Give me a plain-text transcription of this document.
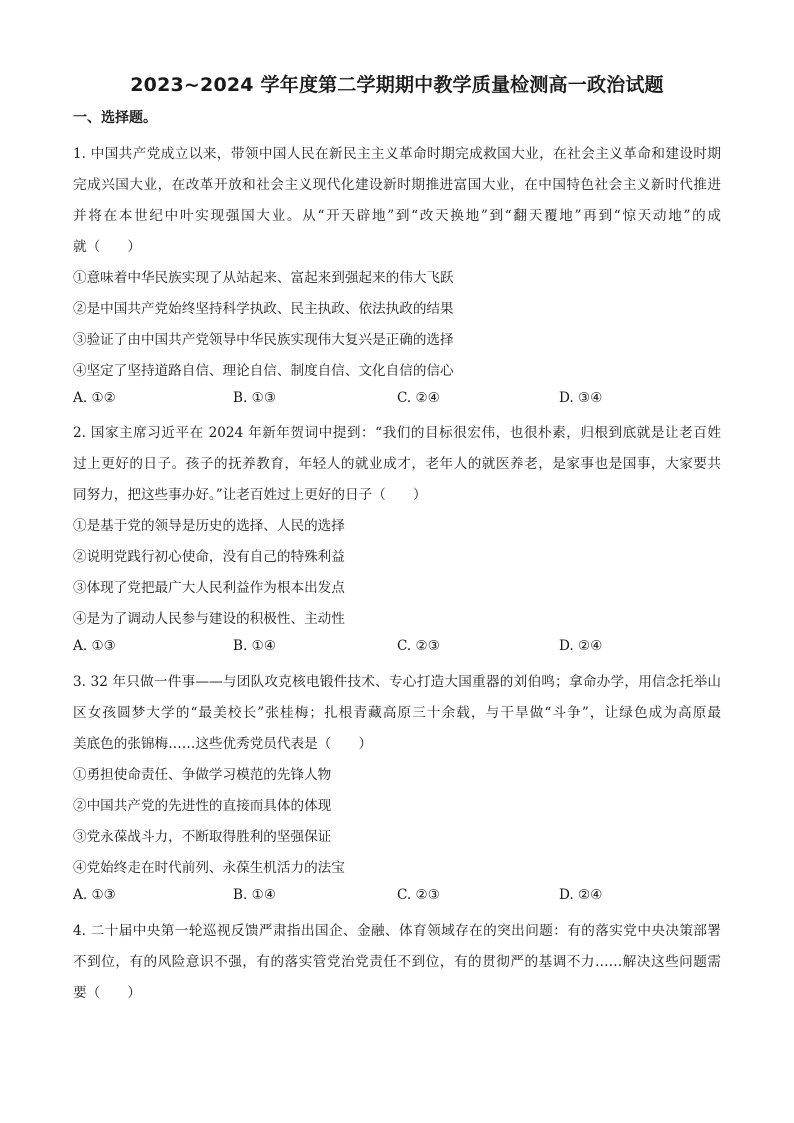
2023~2024 学年度第二学期期中教学质量检测高一政治试题
一、选择题。
1. 中国共产党成立以来，带领中国人民在新民主主义革命时期完成救国大业，在社会主义革命和建设时期
完成兴国大业，在改革开放和社会主义现代化建设新时期推进富国大业，在中国特色社会主义新时代推进
并将在本世纪中叶实现强国大业。从“开天辟地”到“改天换地”到“翻天覆地”再到“惊天动地”的成
就（　　）
①意味着中华民族实现了从站起来、富起来到强起来的伟大飞跃
②是中国共产党始终坚持科学执政、民主执政、依法执政的结果
③验证了由中国共产党领导中华民族实现伟大复兴是正确的选择
④坚定了坚持道路自信、理论自信、制度自信、文化自信的信心
A. ①②	B. ①③	C. ②④	D. ③④
2. 国家主席习近平在 2024 年新年贺词中提到：“我们的目标很宏伟，也很朴素，归根到底就是让老百姓
过上更好的日子。孩子的抚养教育，年轻人的就业成才，老年人的就医养老，是家事也是国事，大家要共
同努力，把这些事办好。”让老百姓过上更好的日子（　　）
①是基于党的领导是历史的选择、人民的选择
②说明党践行初心使命，没有自己的特殊利益
③体现了党把最广大人民利益作为根本出发点
④是为了调动人民参与建设的积极性、主动性
A. ①③	B. ①④	C. ②③	D. ②④
3. 32 年只做一件事——与团队攻克核电锻件技术、专心打造大国重器的刘伯鸣；拿命办学，用信念托举山
区女孩圆梦大学的“最美校长”张桂梅；扎根青藏高原三十余载，与干旱做“斗争”，让绿色成为高原最
美底色的张锦梅……这些优秀党员代表是（　　）
①勇担使命责任、争做学习模范的先锋人物
②中国共产党的先进性的直接而具体的体现
③党永葆战斗力，不断取得胜利的坚强保证
④党始终走在时代前列、永葆生机活力的法宝
A. ①③	B. ①④	C. ②③	D. ②④
4. 二十届中央第一轮巡视反馈严肃指出国企、金融、体育领域存在的突出问题：有的落实党中央决策部署
不到位，有的风险意识不强，有的落实管党治党责任不到位，有的贯彻严的基调不力……解决这些问题需
要（　　）
